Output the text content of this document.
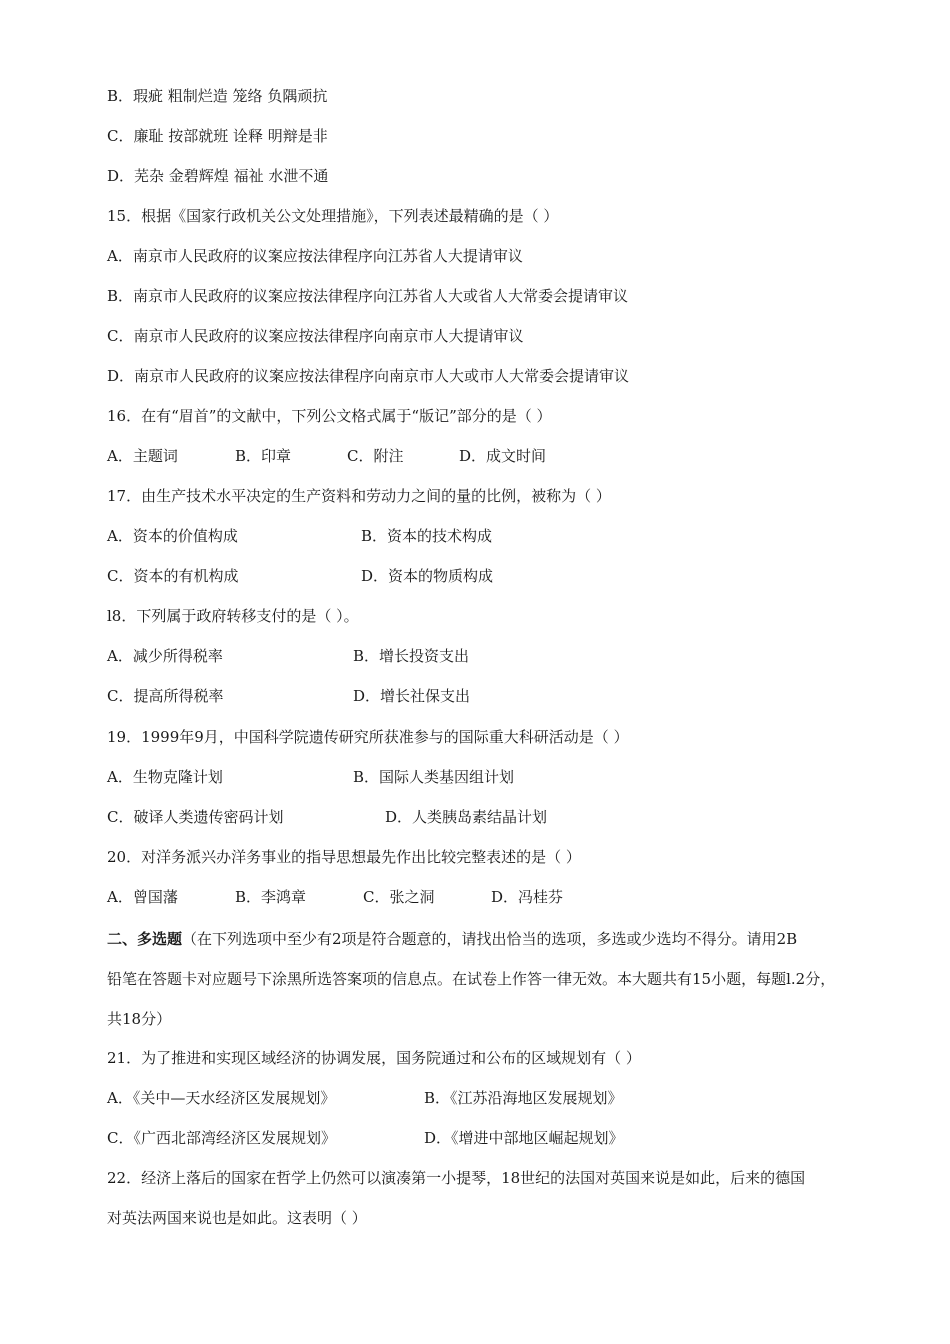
B．瑕疵 粗制烂造 笼络 负隅顽抗
C．廉耻 按部就班 诠释 明辩是非
D．芜杂 金碧辉煌 福祉 水泄不通
15．根据《国家行政机关公文处理措施》，下列表述最精确的是（ ）
A．南京市人民政府的议案应按法律程序向江苏省人大提请审议
B．南京市人民政府的议案应按法律程序向江苏省人大或省人大常委会提请审议
C．南京市人民政府的议案应按法律程序向南京市人大提请审议
D．南京市人民政府的议案应按法律程序向南京市人大或市人大常委会提请审议
16．在有“眉首”的文献中，下列公文格式属于“版记”部分的是（ ）
A．主题词	B．印章	C．附注	D．成文时间
17．由生产技术水平决定的生产资料和劳动力之间的量的比例，被称为（ ）
A．资本的价值构成	B．资本的技术构成
C．资本的有机构成	D．资本的物质构成
l8．下列属于政府转移支付的是（ ）。
A．减少所得税率	B．增长投资支出
C．提高所得税率	D．增长社保支出
19．1999年9月，中国科学院遗传研究所获准参与的国际重大科研活动是（ ）
A．生物克隆计划	B．国际人类基因组计划
C．破译人类遗传密码计划	D．人类胰岛素结晶计划
20．对洋务派兴办洋务事业的指导思想最先作出比较完整表述的是（ ）
A．曾国藩	B．李鸿章	C．张之洞	D．冯桂芬
二、多选题（在下列选项中至少有2项是符合题意的，请找出恰当的选项，多选或少选均不得分。请用2B
铅笔在答题卡对应题号下涂黑所选答案项的信息点。在试卷上作答一律无效。本大题共有15小题，每题l.2分，
共18分）
21．为了推进和实现区域经济的协调发展，国务院通过和公布的区域规划有（ ）
A．《关中—天水经济区发展规划》	B．《江苏沿海地区发展规划》
C．《广西北部湾经济区发展规划》	D．《增进中部地区崛起规划》
22．经济上落后的国家在哲学上仍然可以演凑第一小提琴，18世纪的法国对英国来说是如此，后来的德国
对英法两国来说也是如此。这表明（ ）
